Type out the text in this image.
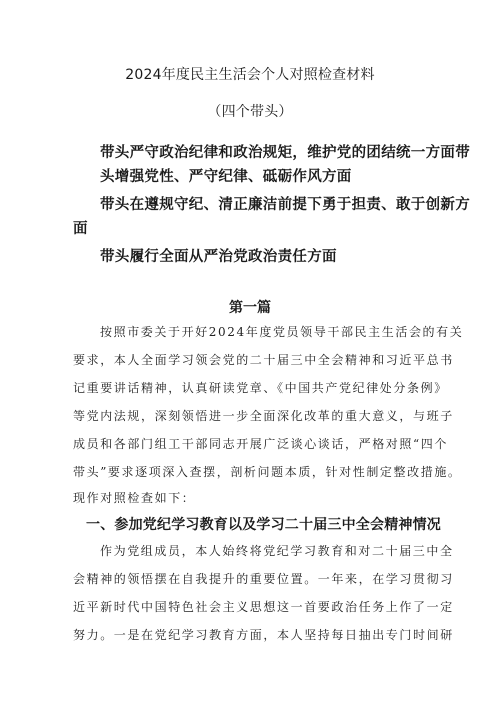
2024年度民主生活会个人对照检查材料
（四个带头）
带头严守政治纪律和政治规矩，维护党的团结统一方面带
头增强党性、严守纪律、砥砺作风方面
带头在遵规守纪、清正廉洁前提下勇于担责、敢于创新方
面
带头履行全面从严治党政治责任方面
第一篇
按照市委关于开好2024年度党员领导干部民主生活会的有关
要求，本人全面学习领会党的二十届三中全会精神和习近平总书
记重要讲话精神，认真研读党章、《中国共产党纪律处分条例》
等党内法规，深刻领悟进一步全面深化改革的重大意义，与班子
成员和各部门组工干部同志开展广泛谈心谈话，严格对照“四个
带头”要求逐项深入查摆，剖析问题本质，针对性制定整改措施。
现作对照检查如下：
一、参加党纪学习教育以及学习二十届三中全会精神情况
作为党组成员，本人始终将党纪学习教育和对二十届三中全
会精神的领悟摆在自我提升的重要位置。一年来，在学习贯彻习
近平新时代中国特色社会主义思想这一首要政治任务上作了一定
努力。一是在党纪学习教育方面，本人坚持每日抽出专门时间研
